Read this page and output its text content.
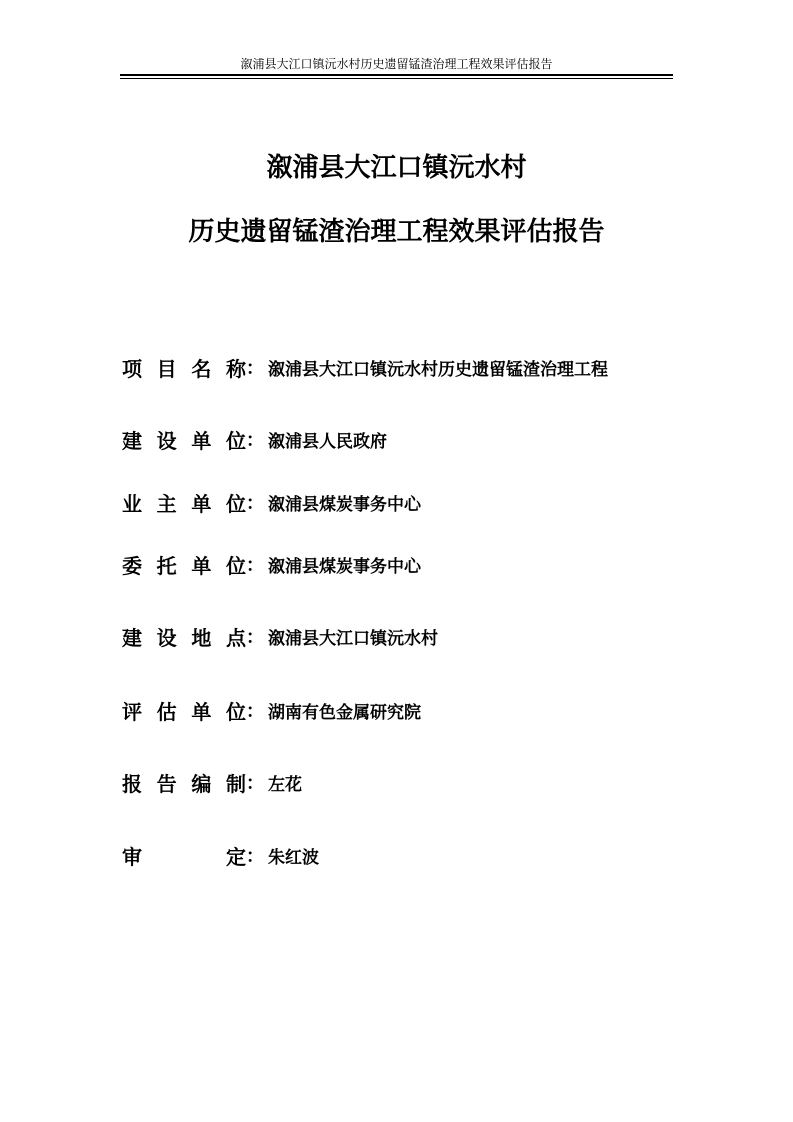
溆浦县大江口镇沅水村历史遗留锰渣治理工程效果评估报告
溆浦县大江口镇沅水村
历史遗留锰渣治理工程效果评估报告
项目名称 ： 溆浦县大江口镇沅水村历史遗留锰渣治理工程
建设单位 ： 溆浦县人民政府
业主单位 ： 溆浦县煤炭事务中心
委托单位 ： 溆浦县煤炭事务中心
建设地点 ： 溆浦县大江口镇沅水村
评估单位 ： 湖南有色金属研究院
报告编制 ： 左花
审定 ： 朱红波
